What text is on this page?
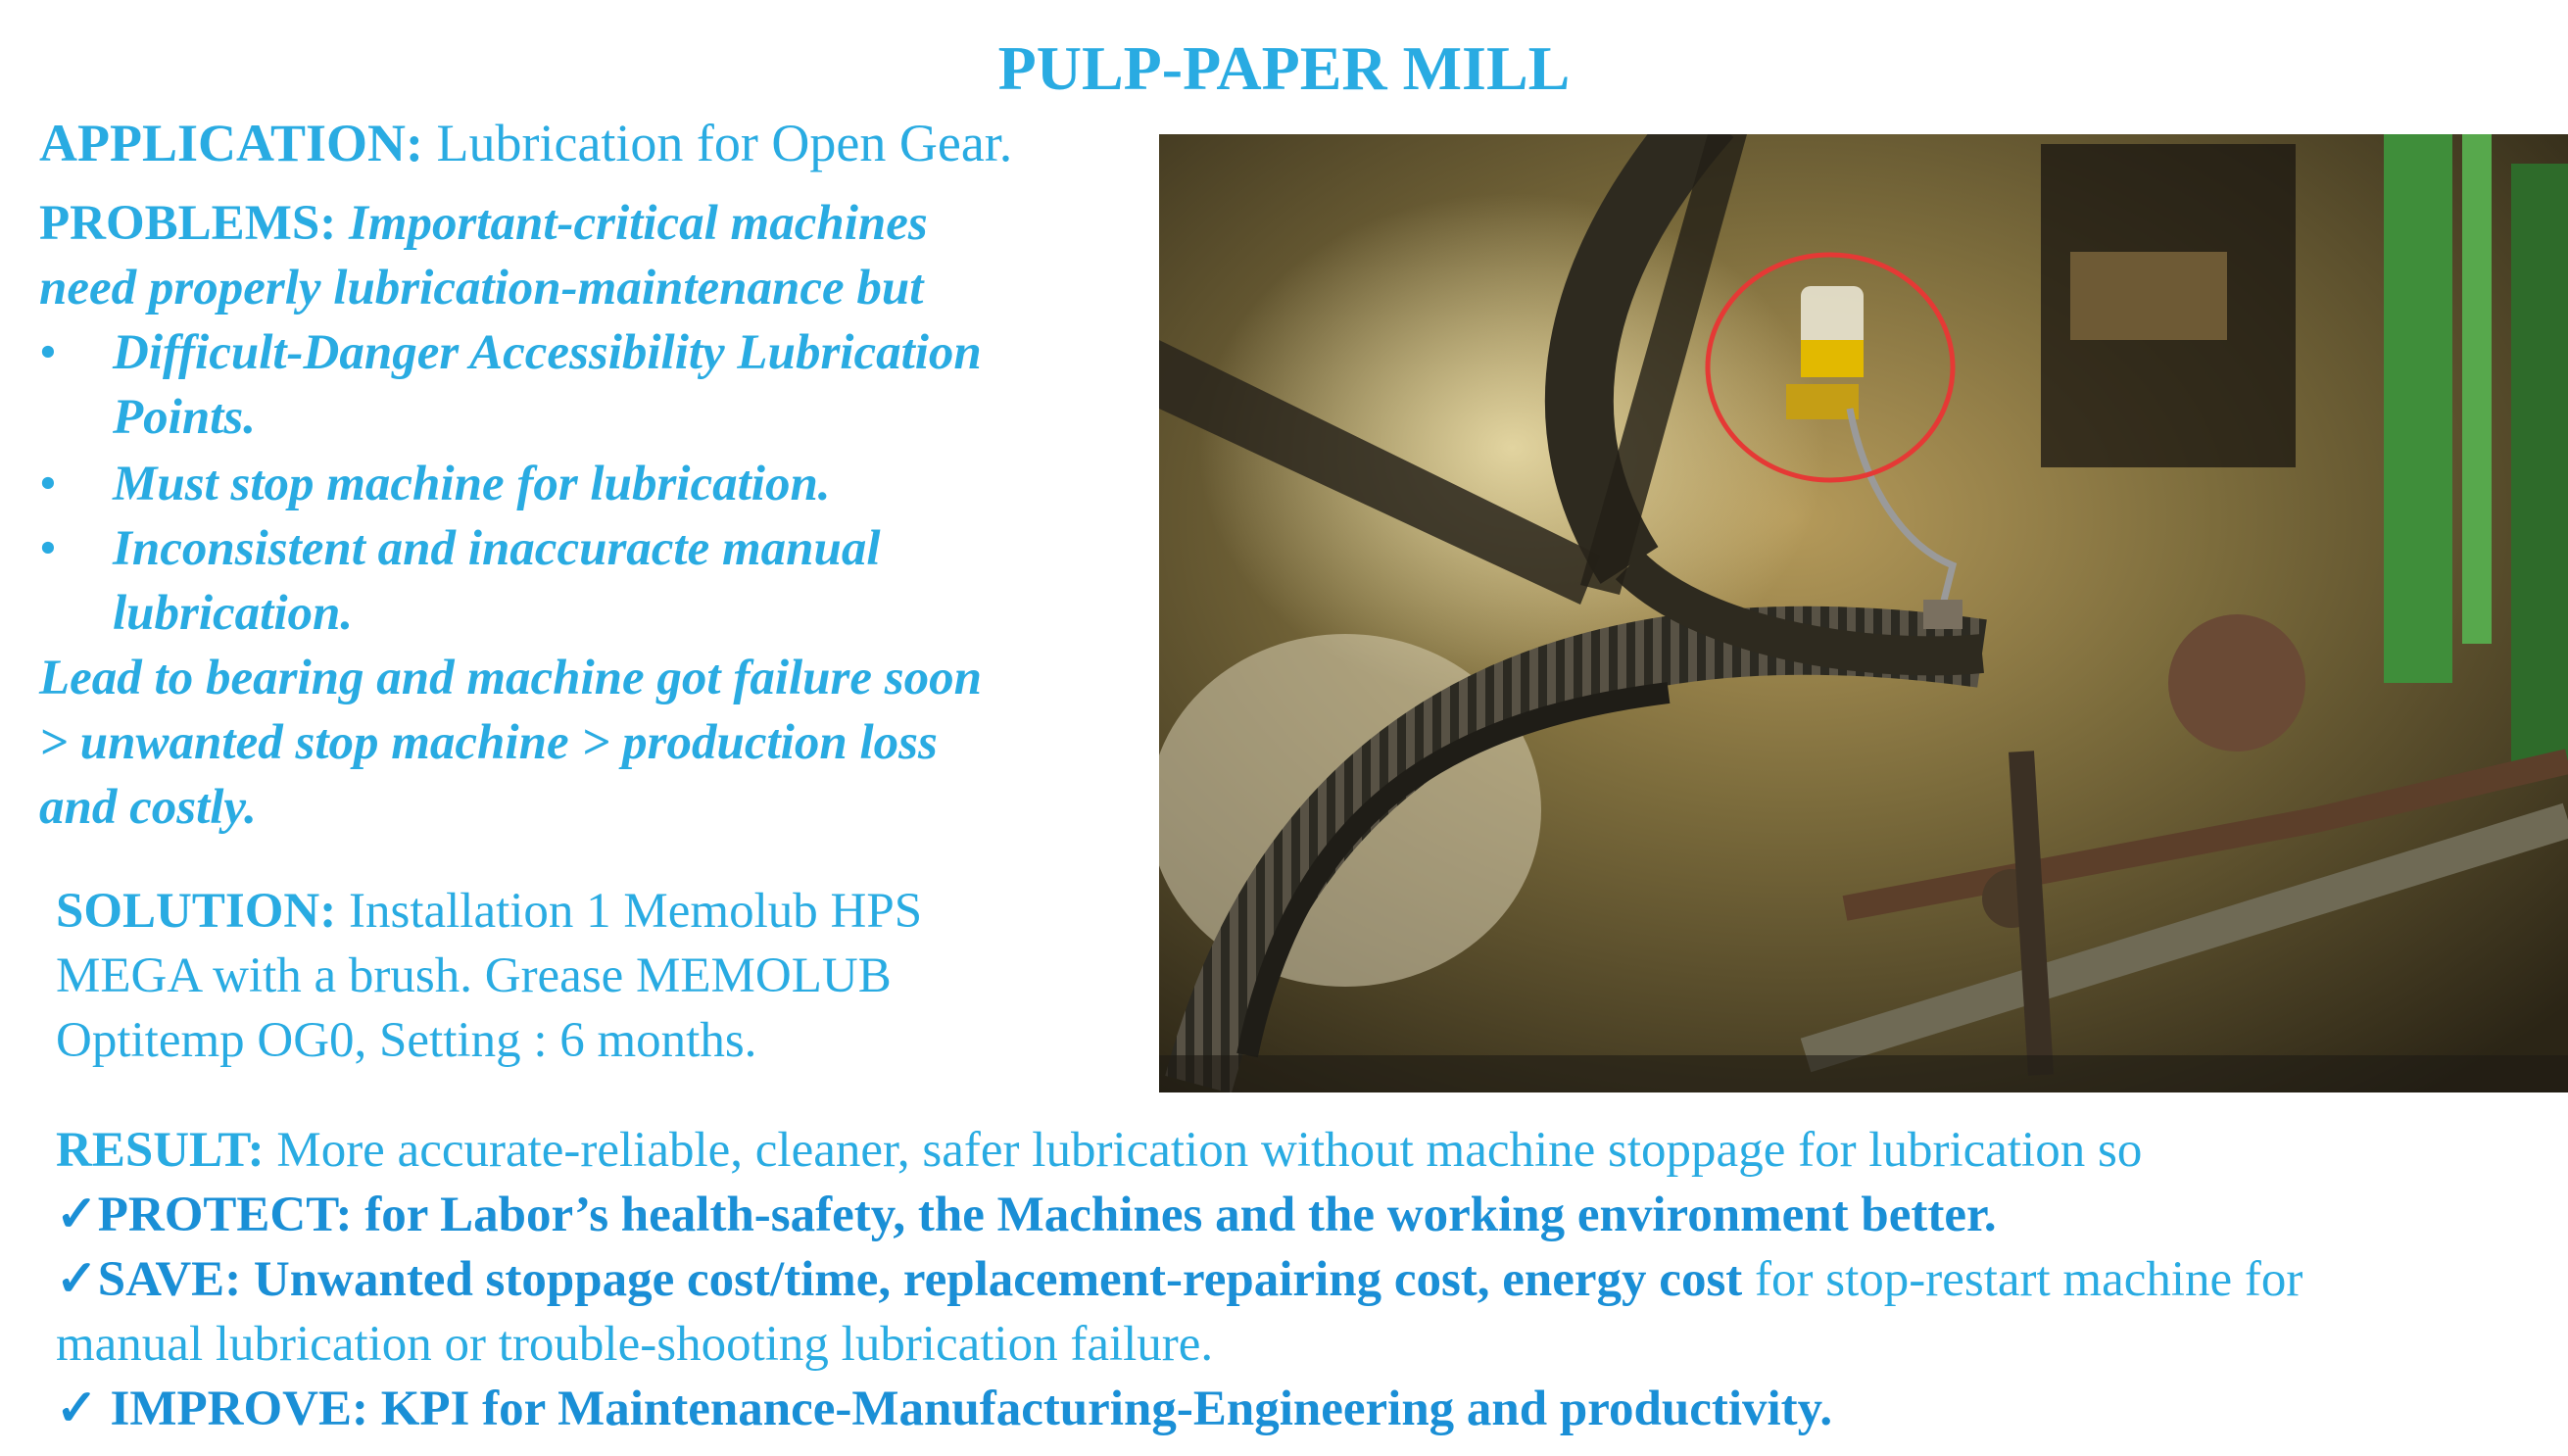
PULP-PAPER MILL
APPLICATION: Lubrication for Open Gear.
PROBLEMS: Important-critical machines
need properly lubrication-maintenance but
• Difficult-Danger Accessibility Lubrication
Points.
• Must stop machine for lubrication.
• Inconsistent and inaccuracte manual
lubrication.
Lead to bearing and machine got failure soon
> unwanted stop machine > production loss
and costly.
SOLUTION: Installation 1 Memolub HPS
MEGA with a brush. Grease MEMOLUB
Optitemp OG0, Setting : 6 months.
RESULT: More accurate-reliable, cleaner, safer lubrication without machine stoppage for lubrication so
✓PROTECT: for Labor’s health-safety, the Machines and the working environment better.
✓SAVE: Unwanted stoppage cost/time, replacement-repairing cost, energy cost for stop-restart machine for
manual lubrication or trouble-shooting lubrication failure.
✓ IMPROVE: KPI for Maintenance-Manufacturing-Engineering and productivity.
